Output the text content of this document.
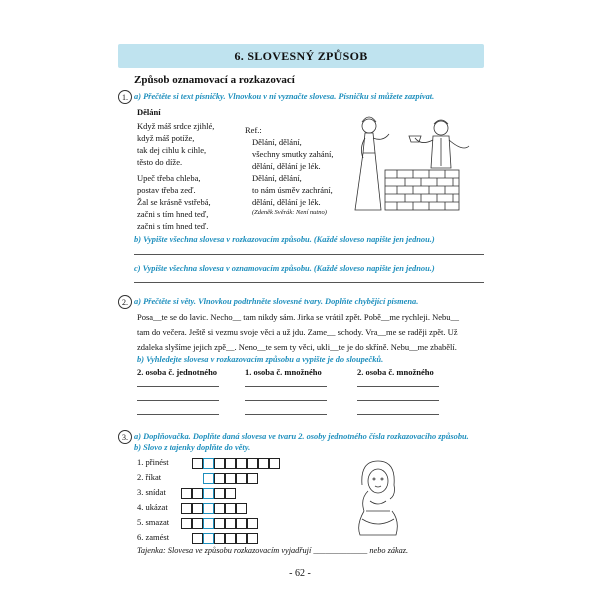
6. SLOVESNÝ ZPŮSOB
Způsob oznamovací a rozkazovací
1. a) Přečtěte si text písničky. Vlnovkou v ní vyznačte slovesa. Písničku si můžete zazpívat.
Dělání
Když máš srdce zjihlé,
když máš potíže,
tak dej cihlu k cihle,
těsto do díže.
Upeč třeba chleba,
postav třeba zeď.
Žal se krásně vstřebá,
začni s tím hned teď,
začni s tím hned teď.
Ref.:
Dělání, dělání,
všechny smutky zahání,
dělání, dělání je lék.
Dělání, dělání,
to nám úsměv zachrání,
dělání, dělání je lék.
(Zdeněk Svěrák: Není nutno)
b) Vypište všechna slovesa v rozkazovacím způsobu. (Každé sloveso napište jen jednou.)
c) Vypište všechna slovesa v oznamovacím způsobu. (Každé sloveso napište jen jednou.)
2. a) Přečtěte si věty. Vlnovkou podtrhněte slovesné tvary. Doplňte chybějící písmena.
Posa__te se do lavic. Necho__ tam nikdy sám. Jirka se vrátil zpět. Pobě__me rychleji. Nebu__
tam do večera. Ještě si vezmu svoje věci a už jdu. Zame__ schody. Vra__me se raději zpět. Už
zdaleka slyšíme jejich zpě__. Neno__te sem ty věci, ukli__te je do skříně. Nebu__me zbabělí.
b) Vyhledejte slovesa v rozkazovacím způsobu a vypište je do sloupečků.
2. osoba č. jednotného	1. osoba č. množného	2. osoba č. množného
3. a) Doplňovačka. Doplňte daná slovesa ve tvaru 2. osoby jednotného čísla rozkazovacího způsobu.
b) Slovo z tajenky doplňte do věty.
1. přinést
2. říkat
3. snídat
4. ukázat
5. smazat
6. zamést
Tajenka: Slovesa ve způsobu rozkazovacím vyjadřují _____________ nebo zákaz.
- 62 -
